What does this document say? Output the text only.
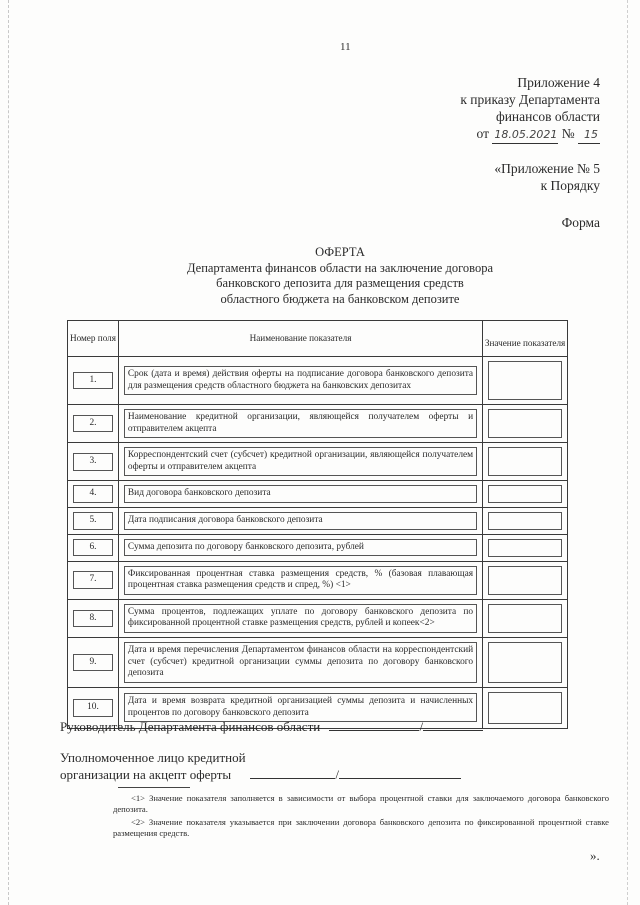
11
Приложение 4
к приказу Департамента
финансов области
от 18.05.2021 № 15
«Приложение № 5
к Порядку
Форма
ОФЕРТА
Департамента финансов области на заключение договора
банковского депозита для размещения средств
областного бюджета на банковском депозите
Номер поля	Наименование показателя	Значение показателя

1.	Срок (дата и время) действия оферты на подписание договора банковского депозита для размещения средств областного бюджета на банковских депозитах	

2.	Наименование кредитной организации, являющейся получателем оферты и отправителем акцепта	

3.	Корреспондентский счет (субсчет) кредитной организации, являющейся получателем оферты и отправителем акцепта	

4.	Вид договора банковского депозита	

5.	Дата подписания договора банковского депозита	

6.	Сумма депозита по договору банковского депозита, рублей	

7.	Фиксированная процентная ставка размещения средств, % (базовая плавающая процентная ставка размещения средств и спред, %) <1>	

8.	Сумма процентов, подлежащих уплате по договору банковского депозита по фиксированной процентной ставке размещения средств, рублей и копеек<2>	

9.	Дата и время перечисления Департаментом финансов области на корреспондентский счет (субсчет) кредитной организации суммы депозита по договору банковского депозита	

10.	Дата и время возврата кредитной организацией суммы депозита и начисленных процентов по договору банковского депозита	

Руководитель Департамента финансов области	/
Уполномоченное лицо кредитной
организации на акцепт оферты	/
<1> Значение показателя заполняется в зависимости от выбора процентной ставки для заключаемого договора банковского депозита.
<2> Значение показателя указывается при заключении договора банковского депозита по фиксированной процентной ставке размещения средств.
».
